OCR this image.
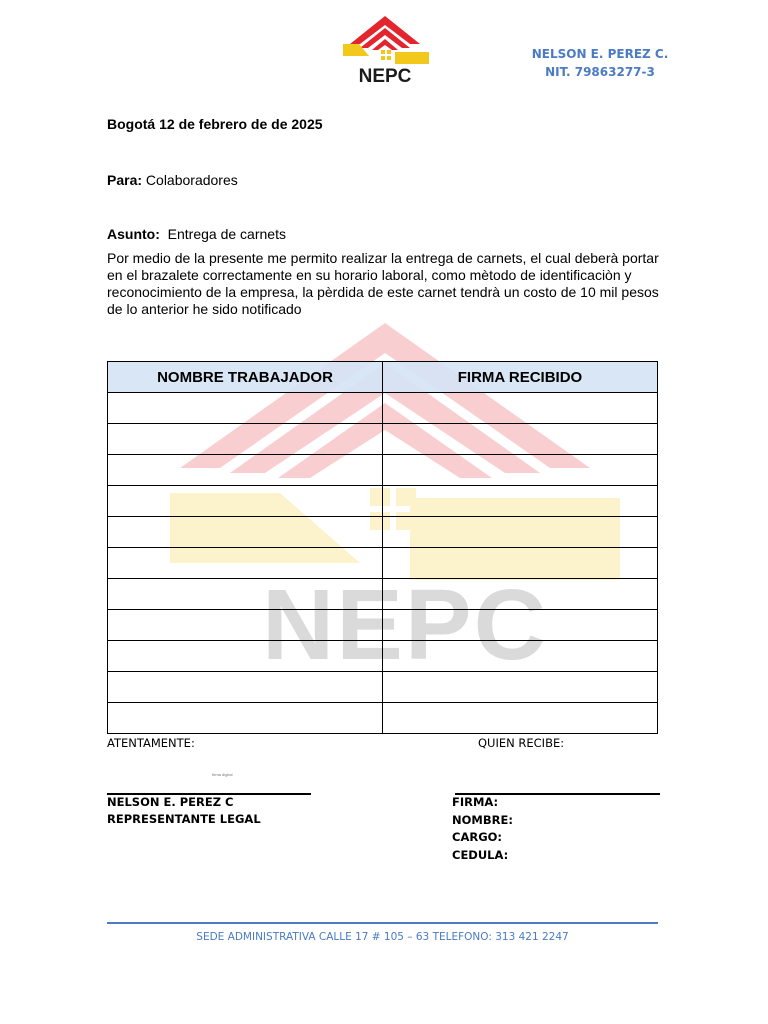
NEPC
NEPC
NELSON E. PEREZ C.
NIT. 79863277-3
Bogotá 12 de febrero de de 2025
Para: Colaboradores
Asunto:  Entrega de carnets
Por medio de la presente me permito realizar la entrega de carnets, el cual deberà portar en el brazalete correctamente en su horario laboral, como mètodo de identificaciòn y reconocimiento de la empresa, la pèrdida de este carnet tendrà un costo de 10 mil pesos de lo anterior he sido notificado
NOMBRE TRABAJADOR	FIRMA RECIBIDO

ATENTAMENTE:	QUIEN RECIBE:
firma digital
NELSON E. PEREZ C
REPRESENTANTE LEGAL
FIRMA:
NOMBRE:
CARGO:
CEDULA:
SEDE ADMINISTRATIVA CALLE 17 # 105 – 63 TELEFONO: 313 421 2247
